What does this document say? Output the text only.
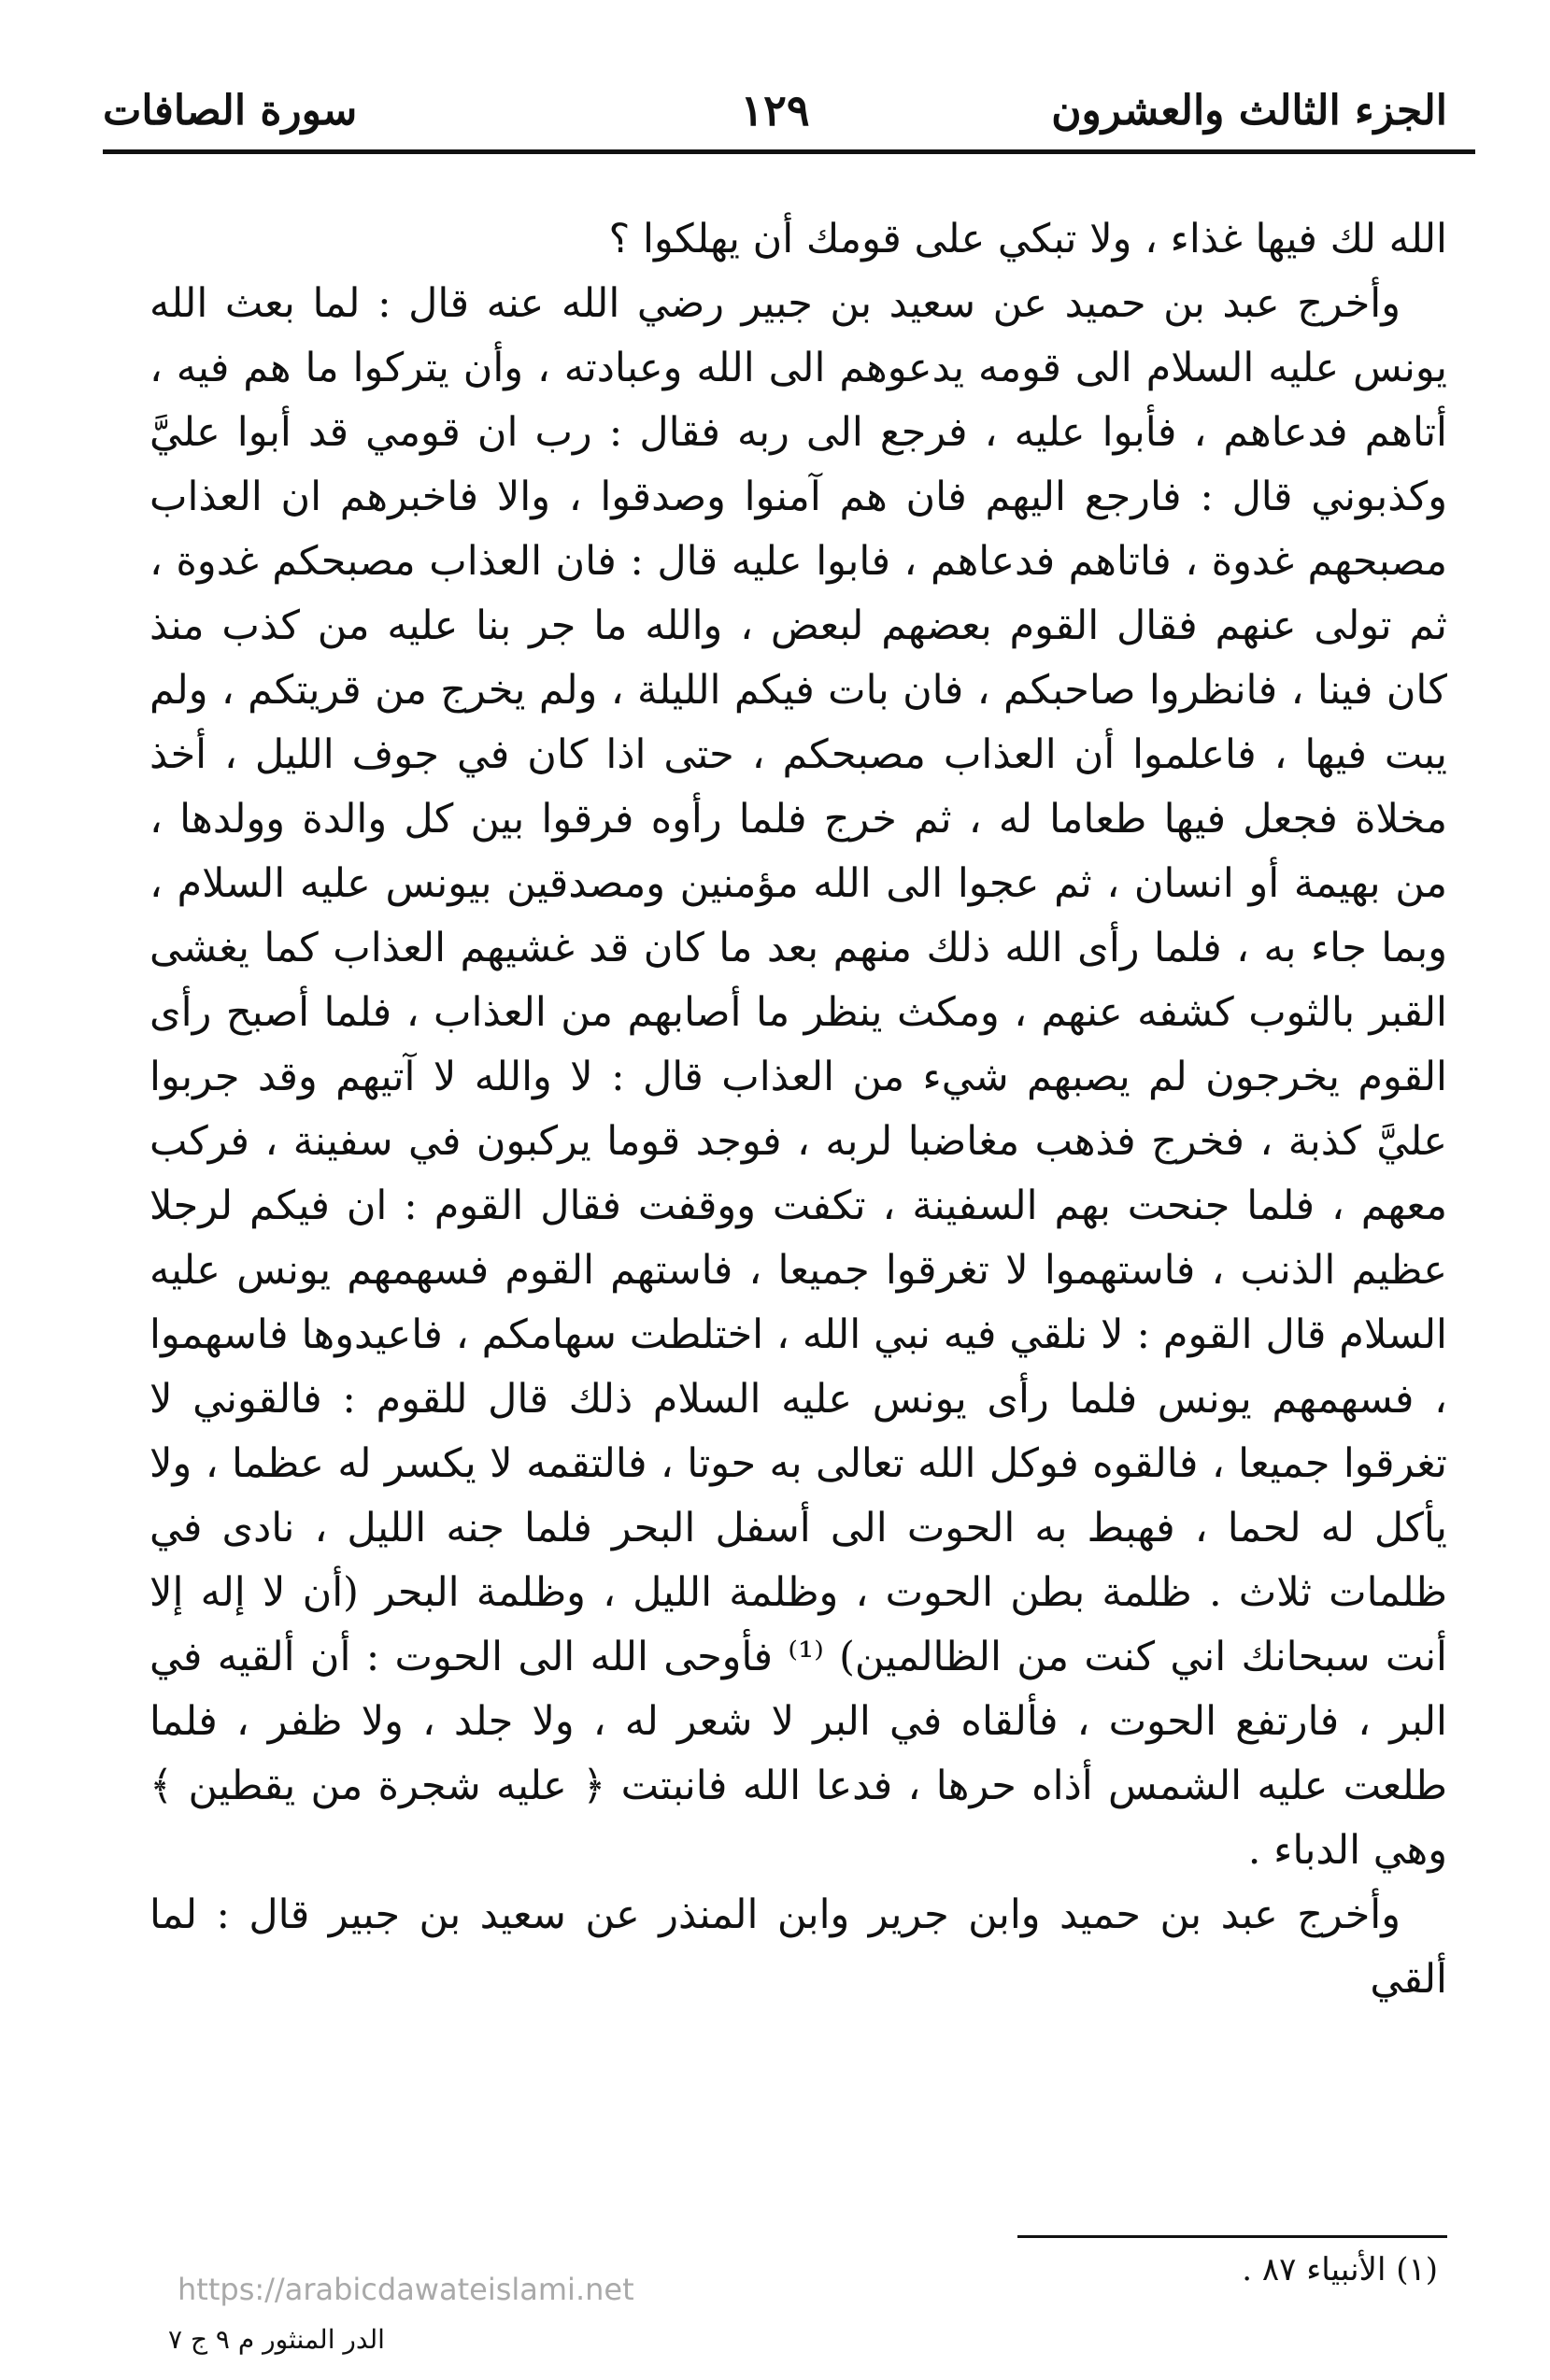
الجزء الثالث والعشرون
١٢٩
سورة الصافات

الله لك فيها غذاء ، ولا تبكي على قومك أن يهلكوا ؟

وأخرج عبد بن حميد عن سعيد بن جبير رضي الله عنه قال : لما بعث الله يونس عليه السلام الى قومه يدعوهم الى الله وعبادته ، وأن يتركوا ما هم فيه ، أتاهم فدعاهم ، فأبوا عليه ، فرجع الى ربه فقال : رب ان قومي قد أبوا عليَّ وكذبوني قال : فارجع اليهم فان هم آمنوا وصدقوا ، والا فاخبرهم ان العذاب مصبحهم غدوة ، فاتاهم فدعاهم ، فابوا عليه قال : فان العذاب مصبحكم غدوة ، ثم تولى عنهم فقال القوم بعضهم لبعض ، والله ما جر بنا عليه من كذب منذ كان فينا ، فانظروا صاحبكم ، فان بات فيكم الليلة ، ولم يخرج من قريتكم ، ولم يبت فيها ، فاعلموا أن العذاب مصبحكم ، حتى اذا كان في جوف الليل ، أخذ مخلاة فجعل فيها طعاما له ، ثم خرج فلما رأوه فرقوا بين كل والدة وولدها ، من بهيمة أو انسان ، ثم عجوا الى الله مؤمنين ومصدقين بيونس عليه السلام ، وبما جاء به ، فلما رأى الله ذلك منهم بعد ما كان قد غشيهم العذاب كما يغشى القبر بالثوب كشفه عنهم ، ومكث ينظر ما أصابهم من العذاب ، فلما أصبح رأى القوم يخرجون لم يصبهم شيء من العذاب قال : لا والله لا آتيهم وقد جربوا عليَّ كذبة ، فخرج فذهب مغاضبا لربه ، فوجد قوما يركبون في سفينة ، فركب معهم ، فلما جنحت بهم السفينة ، تكفت ووقفت فقال القوم : ان فيكم لرجلا عظيم الذنب ، فاستهموا لا تغرقوا جميعا ، فاستهم القوم فسهمهم يونس عليه السلام قال القوم : لا نلقي فيه نبي الله ، اختلطت سهامكم ، فاعيدوها فاسهموا ، فسهمهم يونس فلما رأى يونس عليه السلام ذلك قال للقوم : فالقوني لا تغرقوا جميعا ، فالقوه فوكل الله تعالى به حوتا ، فالتقمه لا يكسر له عظما ، ولا يأكل له لحما ، فهبط به الحوت الى أسفل البحر فلما جنه الليل ، نادى في ظلمات ثلاث . ظلمة بطن الحوت ، وظلمة الليل ، وظلمة البحر (أن لا إله إلا أنت سبحانك اني كنت من الظالمين) ⁽¹⁾ فأوحى الله الى الحوت : أن ألقيه في البر ، فارتفع الحوت ، فألقاه في البر لا شعر له ، ولا جلد ، ولا ظفر ، فلما طلعت عليه الشمس أذاه حرها ، فدعا الله فانبتت ﴿ عليه شجرة من يقطين ﴾ وهي الدباء .

وأخرج عبد بن حميد وابن جرير وابن المنذر عن سعيد بن جبير قال : لما ألقي

(١) الأنبياء ٨٧ .
الدر المنثور م ٩ ج ٧
https://arabicdawateislami.net
